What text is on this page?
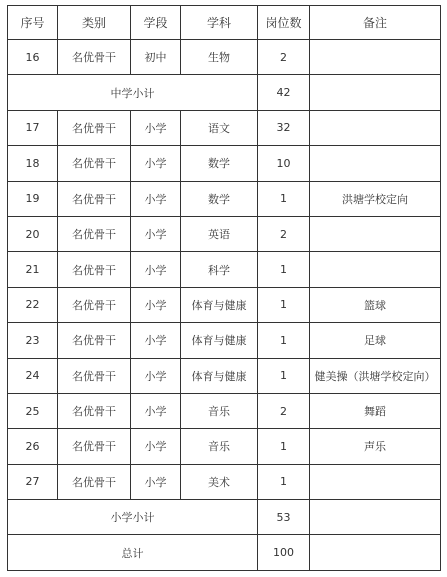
序号	类别	学段	学科	岗位数	备注
16	名优骨干	初中	生物	2	
中学小计				42	
17	名优骨干	小学	语文	32	
18	名优骨干	小学	数学	10	
19	名优骨干	小学	数学	1	洪塘学校定向
20	名优骨干	小学	英语	2	
21	名优骨干	小学	科学	1	
22	名优骨干	小学	体育与健康	1	篮球
23	名优骨干	小学	体育与健康	1	足球
24	名优骨干	小学	体育与健康	1	健美操（洪塘学校定向）
25	名优骨干	小学	音乐	2	舞蹈
26	名优骨干	小学	音乐	1	声乐
27	名优骨干	小学	美术	1	
小学小计				53	
总计				100	
